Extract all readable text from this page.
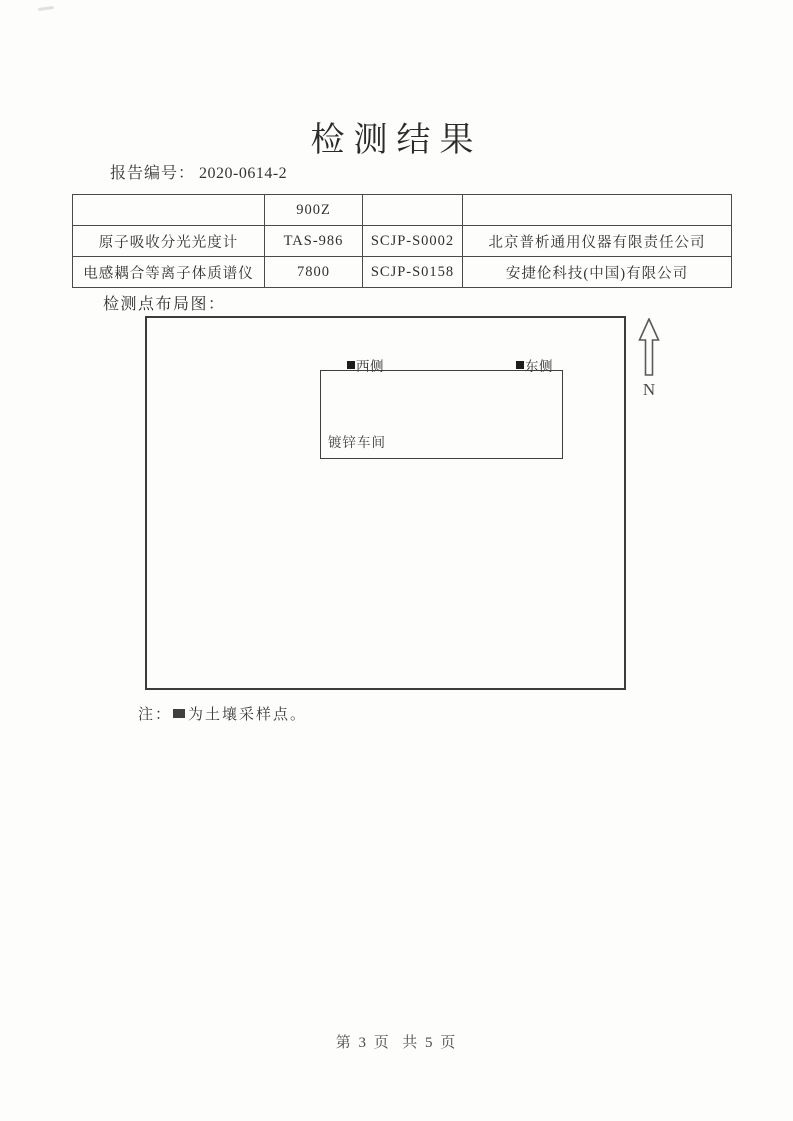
检测结果
报告编号： 2020-0614-2
	900Z		
原子吸收分光光度计	TAS-986	SCJP-S0002	北京普析通用仪器有限责任公司
电感耦合等离子体质谱仪	7800	SCJP-S0158	安捷伦科技(中国)有限公司
检测点布局图：
西侧	东侧
镀锌车间
N
注： 为土壤采样点。
第 3 页  共 5 页
